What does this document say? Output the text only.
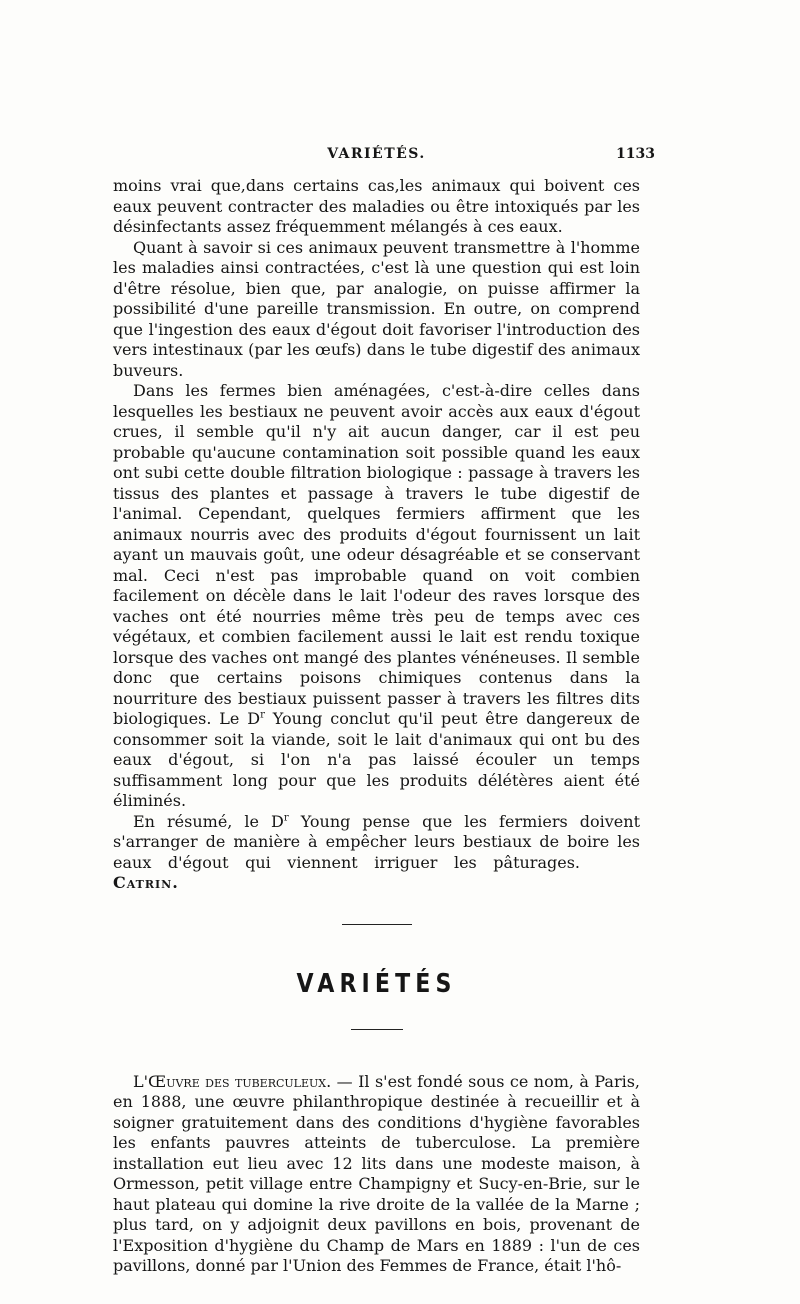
VARIÉTÉS.	1133

moins vrai que,dans certains cas,les animaux qui boivent ces eaux peuvent contracter des maladies ou être intoxiqués par les désinfectants assez fréquemment mélangés à ces eaux.

Quant à savoir si ces animaux peuvent transmettre à l'homme les maladies ainsi contractées, c'est là une question qui est loin d'être résolue, bien que, par analogie, on puisse affirmer la possibilité d'une pareille transmission. En outre, on comprend que l'ingestion des eaux d'égout doit favoriser l'introduction des vers intestinaux (par les œufs) dans le tube digestif des animaux buveurs.

Dans les fermes bien aménagées, c'est-à-dire celles dans lesquelles les bestiaux ne peuvent avoir accès aux eaux d'égout crues, il semble qu'il n'y ait aucun danger, car il est peu probable qu'aucune contamination soit possible quand les eaux ont subi cette double filtration biologique : passage à travers les tissus des plantes et passage à travers le tube digestif de l'animal. Cependant, quelques fermiers affirment que les animaux nourris avec des produits d'égout fournissent un lait ayant un mauvais goût, une odeur désagréable et se conservant mal. Ceci n'est pas improbable quand on voit combien facilement on décèle dans le lait l'odeur des raves lorsque des vaches ont été nourries même très peu de temps avec ces végétaux, et combien facilement aussi le lait est rendu toxique lorsque des vaches ont mangé des plantes vénéneuses. Il semble donc que certains poisons chimiques contenus dans la nourriture des bestiaux puissent passer à travers les filtres dits biologiques. Le $D^r$ Young conclut qu'il peut être dangereux de consommer soit la viande, soit le lait d'animaux qui ont bu des eaux d'égout, si l'on n'a pas laissé écouler un temps suffisamment long pour que les produits délétères aient été éliminés.

En résumé, le $D^r$ Young pense que les fermiers doivent s'arranger de manière à empêcher leurs bestiaux de boire les eaux d'égout qui viennent irriguer les pâturages.Catrin.

VARIÉTÉS

L'Œuvre des tuberculeux. — Il s'est fondé sous ce nom, à Paris, en 1888, une œuvre philanthropique destinée à recueillir et à soigner gratuitement dans des conditions d'hygiène favorables les enfants pauvres atteints de tuberculose. La première installation eut lieu avec 12 lits dans une modeste maison, à Ormesson, petit village entre Champigny et Sucy-en-Brie, sur le haut plateau qui domine la rive droite de la vallée de la Marne ; plus tard, on y adjoignit deux pavillons en bois, provenant de l'Exposition d'hygiène du Champ de Mars en 1889 : l'un de ces pavillons, donné par l'Union des Femmes de France, était l'hô-
